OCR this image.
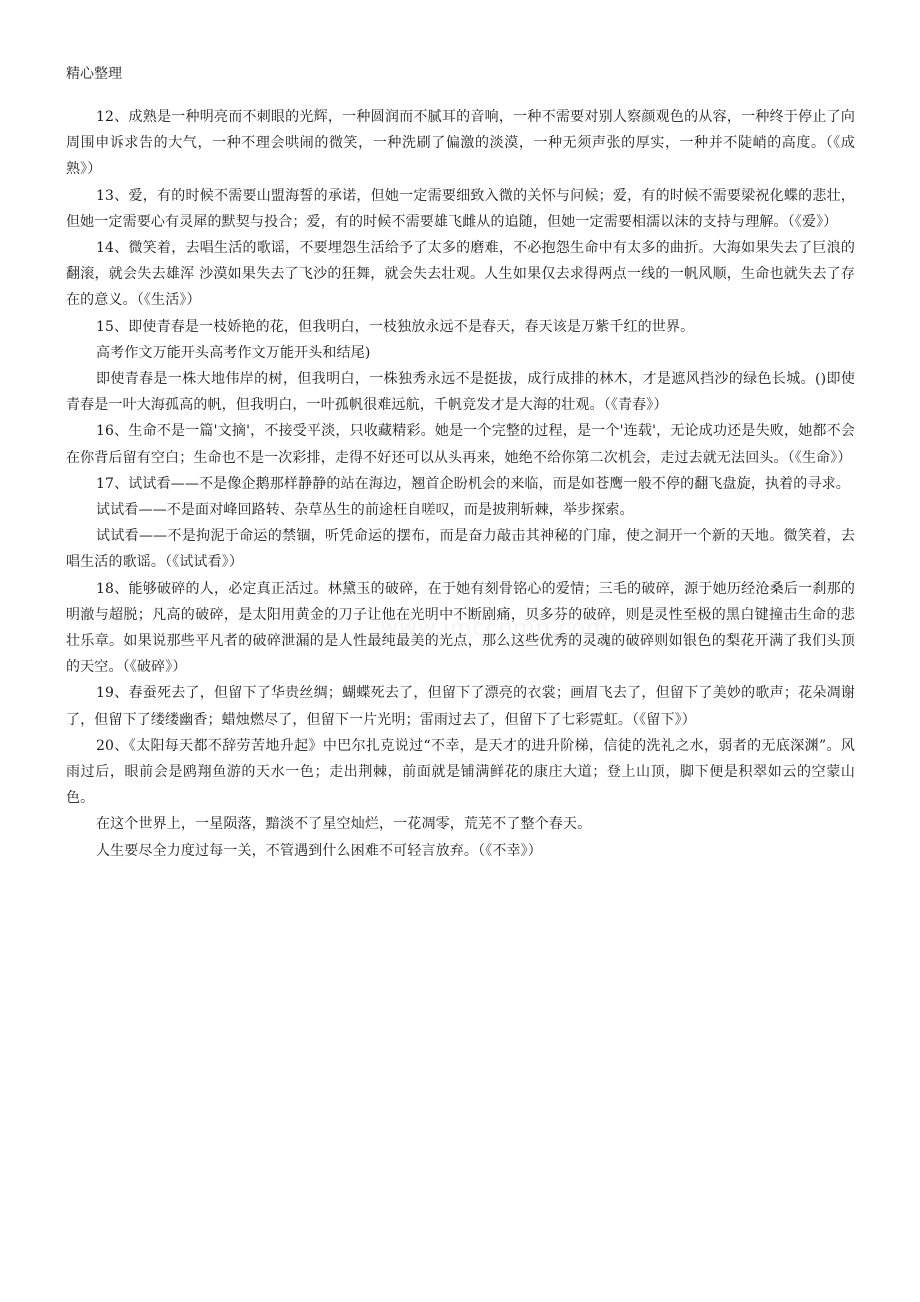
精心整理

12、成熟是一种明亮而不刺眼的光辉，一种圆润而不腻耳的音响，一种不需要对别人察颜观色的从容，一种终于停止了向周围申诉求告的大气，一种不理会哄闹的微笑，一种洗刷了偏激的淡漠，一种无须声张的厚实，一种并不陡峭的高度。（《成熟》）

13、爱，有的时候不需要山盟海誓的承诺，但她一定需要细致入微的关怀与问候；爱，有的时候不需要梁祝化蝶的悲壮，但她一定需要心有灵犀的默契与投合；爱，有的时候不需要雄飞雌从的追随，但她一定需要相濡以沫的支持与理解。（《爱》）

14、微笑着，去唱生活的歌谣，不要埋怨生活给予了太多的磨难，不必抱怨生命中有太多的曲折。大海如果失去了巨浪的翻滚，就会失去雄浑 沙漠如果失去了飞沙的狂舞，就会失去壮观。人生如果仅去求得两点一线的一帆风顺，生命也就失去了存在的意义。（《生活》）

15、即使青春是一枝娇艳的花，但我明白，一枝独放永远不是春天，春天该是万紫千红的世界。

高考作文万能开头高考作文万能开头和结尾)

即使青春是一株大地伟岸的树，但我明白，一株独秀永远不是挺拔，成行成排的林木，才是遮风挡沙的绿色长城。()即使青春是一叶大海孤高的帆，但我明白，一叶孤帆很难远航，千帆竞发才是大海的壮观。（《青春》）

16、生命不是一篇'文摘'，不接受平淡，只收藏精彩。她是一个完整的过程，是一个'连载'，无论成功还是失败，她都不会在你背后留有空白；生命也不是一次彩排，走得不好还可以从头再来，她绝不给你第二次机会，走过去就无法回头。（《生命》）

17、试试看——不是像企鹅那样静静的站在海边，翘首企盼机会的来临，而是如苍鹰一般不停的翻飞盘旋，执着的寻求。

试试看——不是面对峰回路转、杂草丛生的前途枉自嗟叹，而是披荆斩棘，举步探索。

试试看——不是拘泥于命运的禁锢，听凭命运的摆布，而是奋力敲击其神秘的门扉，使之洞开一个新的天地。微笑着，去唱生活的歌谣。（《试试看》）

18、能够破碎的人，必定真正活过。林黛玉的破碎，在于她有刻骨铭心的爱情；三毛的破碎，源于她历经沧桑后一刹那的明澈与超脱；凡高的破碎，是太阳用黄金的刀子让他在光明中不断剧痛，贝多芬的破碎，则是灵性至极的黑白键撞击生命的悲壮乐章。如果说那些平凡者的破碎泄漏的是人性最纯最美的光点，那么这些优秀的灵魂的破碎则如银色的梨花开满了我们头顶的天空。（《破碎》）

19、春蚕死去了，但留下了华贵丝绸；蝴蝶死去了，但留下了漂亮的衣裳；画眉飞去了，但留下了美妙的歌声；花朵凋谢了，但留下了缕缕幽香；蜡烛燃尽了，但留下一片光明；雷雨过去了，但留下了七彩霓虹。（《留下》）

20、《太阳每天都不辞劳苦地升起》中巴尔扎克说过“不幸，是天才的进升阶梯，信徒的洗礼之水，弱者的无底深渊”。风雨过后，眼前会是鸥翔鱼游的天水一色；走出荆棘，前面就是铺满鲜花的康庄大道；登上山顶，脚下便是积翠如云的空蒙山色。

在这个世界上，一星陨落，黯淡不了星空灿烂，一花凋零，荒芜不了整个春天。

人生要尽全力度过每一关，不管遇到什么困难不可轻言放弃。（《不幸》）
